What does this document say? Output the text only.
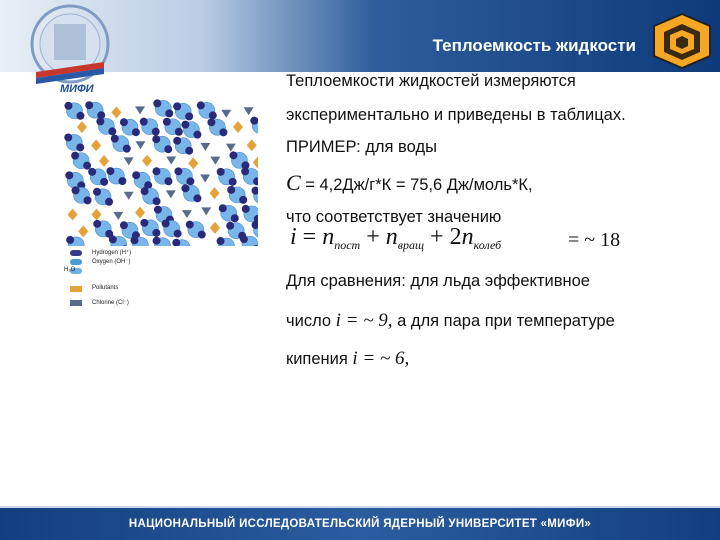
Теплоемкость жидкости
МИФИ
Hydrogen (H⁺)
Oxygen (OH⁻)
H₂O
Pollutants
Chlorine (Cl⁻)
Теплоемкости жидкостей измеряются
экспериментально и приведены в таблицах.
ПРИМЕР: для воды
C = 4,2Дж/г*К = 75,6 Дж/моль*К,
что соответствует значению
$i = n_{пост} + n_{вращ} + 2n_{колеб}$	= ~ 18
Для сравнения: для льда эффективное
число i = ~ 9, а для пара при температуре
кипения i = ~ 6,
НАЦИОНАЛЬНЫЙ ИССЛЕДОВАТЕЛЬСКИЙ ЯДЕРНЫЙ УНИВЕРСИТЕТ «МИФИ»
